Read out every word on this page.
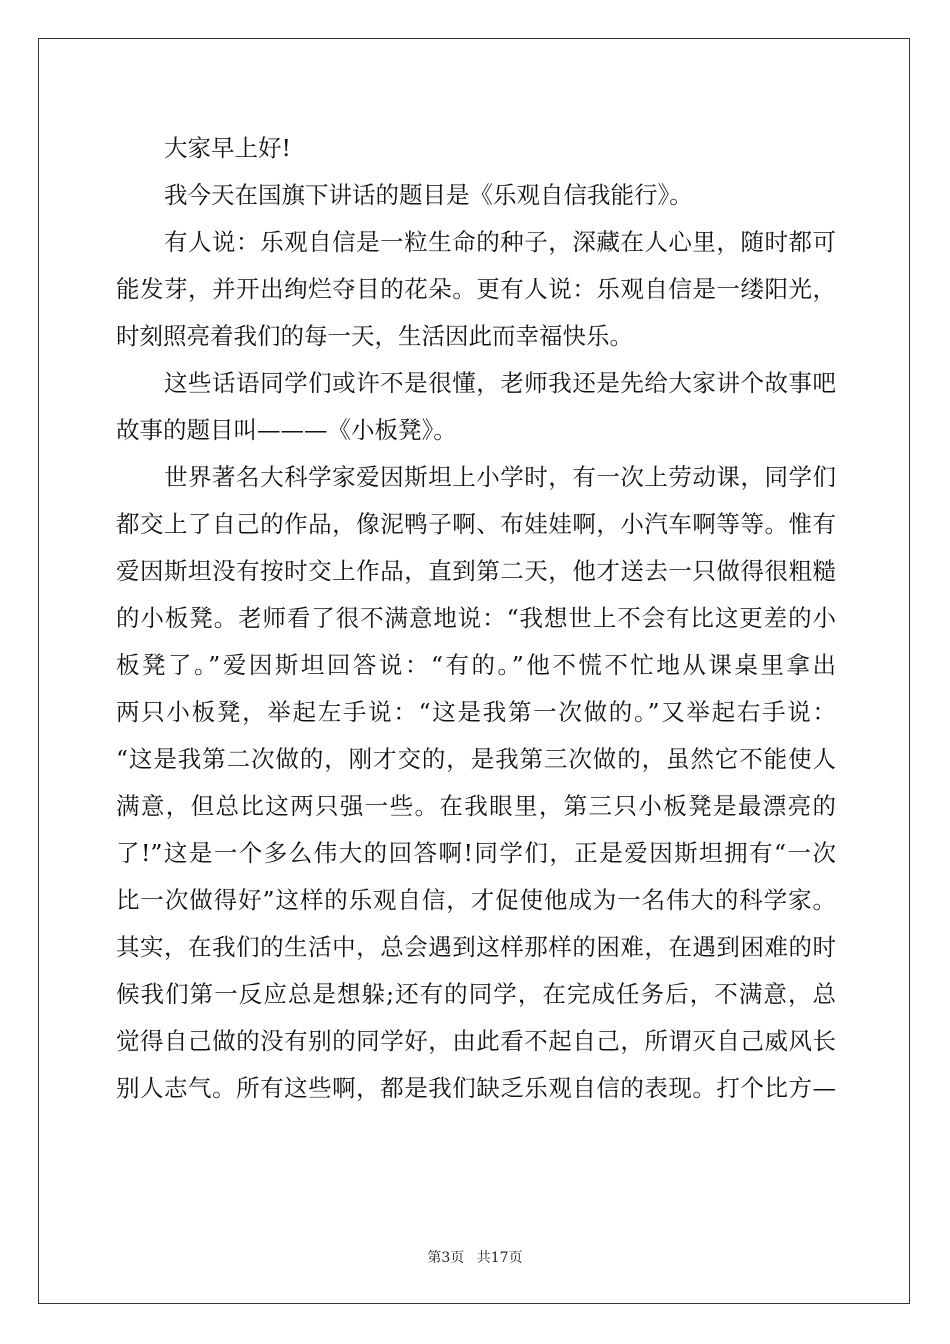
大家早上好!
我今天在国旗下讲话的题目是《乐观自信我能行》。
有人说：乐观自信是一粒生命的种子，深藏在人心里，随时都可
能发芽，并开出绚烂夺目的花朵。更有人说：乐观自信是一缕阳光，
时刻照亮着我们的每一天，生活因此而幸福快乐。
这些话语同学们或许不是很懂，老师我还是先给大家讲个故事吧
故事的题目叫———《小板凳》。
世界著名大科学家爱因斯坦上小学时，有一次上劳动课，同学们
都交上了自己的作品，像泥鸭子啊、布娃娃啊，小汽车啊等等。惟有
爱因斯坦没有按时交上作品，直到第二天，他才送去一只做得很粗糙
的小板凳。老师看了很不满意地说：“我想世上不会有比这更差的小
板凳了。”爱因斯坦回答说：“有的。”他不慌不忙地从课桌里拿出
两只小板凳，举起左手说：“这是我第一次做的。”又举起右手说：
“这是我第二次做的，刚才交的，是我第三次做的，虽然它不能使人
满意，但总比这两只强一些。在我眼里，第三只小板凳是最漂亮的
了!”这是一个多么伟大的回答啊!同学们，正是爱因斯坦拥有“一次
比一次做得好”这样的乐观自信，才促使他成为一名伟大的科学家。
其实，在我们的生活中，总会遇到这样那样的困难，在遇到困难的时
候我们第一反应总是想躲;还有的同学，在完成任务后，不满意，总
觉得自己做的没有别的同学好，由此看不起自己，所谓灭自己威风长
别人志气。所有这些啊，都是我们缺乏乐观自信的表现。打个比方—
第3页 共17页
